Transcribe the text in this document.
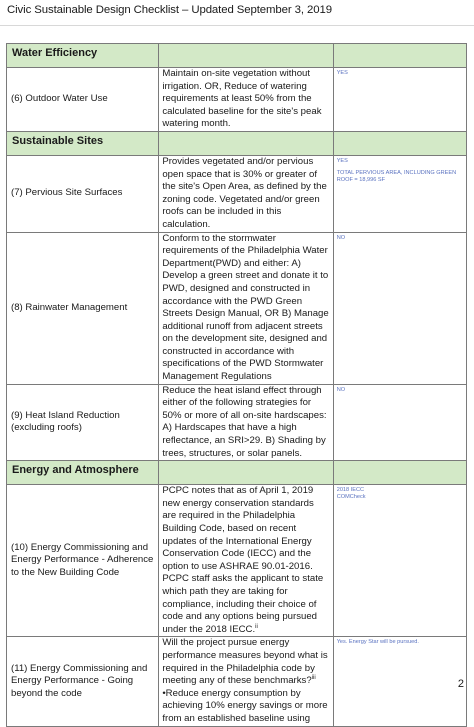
Civic Sustainable Design Checklist – Updated September 3, 2019
Water Efficiency		
(6) Outdoor Water Use	Maintain on-site vegetation without irrigation. OR, Reduce of watering requirements at least 50% from the calculated baseline for the site's peak watering month.	YES

Sustainable Sites		
(7) Pervious Site Surfaces	Provides vegetated and/or pervious open space that is 30% or greater of the site's Open Area, as defined by the zoning code. Vegetated and/or green roofs can be included in this calculation.	YES
TOTAL PERVIOUS AREA, INCLUDING GREEN ROOF = 18,996 SF

(8) Rainwater Management	Conform to the stormwater requirements of the Philadelphia Water Department(PWD) and either: A) Develop a green street and donate it to PWD, designed and constructed in accordance with the PWD Green Streets Design Manual, OR B) Manage additional runoff from adjacent streets on the development site, designed and constructed in accordance with specifications of the PWD Stormwater Management Regulations	NO

(9) Heat Island Reduction (excluding roofs)	Reduce the heat island effect through either of the following strategies for 50% or more of all on-site hardscapes: A) Hardscapes that have a high reflectance, an SRI>29. B) Shading by trees, structures, or solar panels.	NO

Energy and Atmosphere		
(10) Energy Commissioning and Energy Performance - Adherence to the New Building Code	PCPC notes that as of April 1, 2019 new energy conservation standards are required in the Philadelphia Building Code, based on recent updates of the International Energy Conservation Code (IECC) and the option to use ASHRAE 90.01-2016. PCPC staff asks the applicant to state which path they are taking for compliance, including their choice of code and any options being pursued under the 2018 IECC.$^{ii}$	2018 IECC
COMCheck

(11) Energy Commissioning and Energy Performance - Going beyond the code	Will the project pursue energy performance measures beyond what is required in the Philadelphia code by meeting any of these benchmarks?$^{iii}$
•Reduce energy consumption by achieving 10% energy savings or more from an established baseline using	Yes. Energy Star will be pursued.
2
